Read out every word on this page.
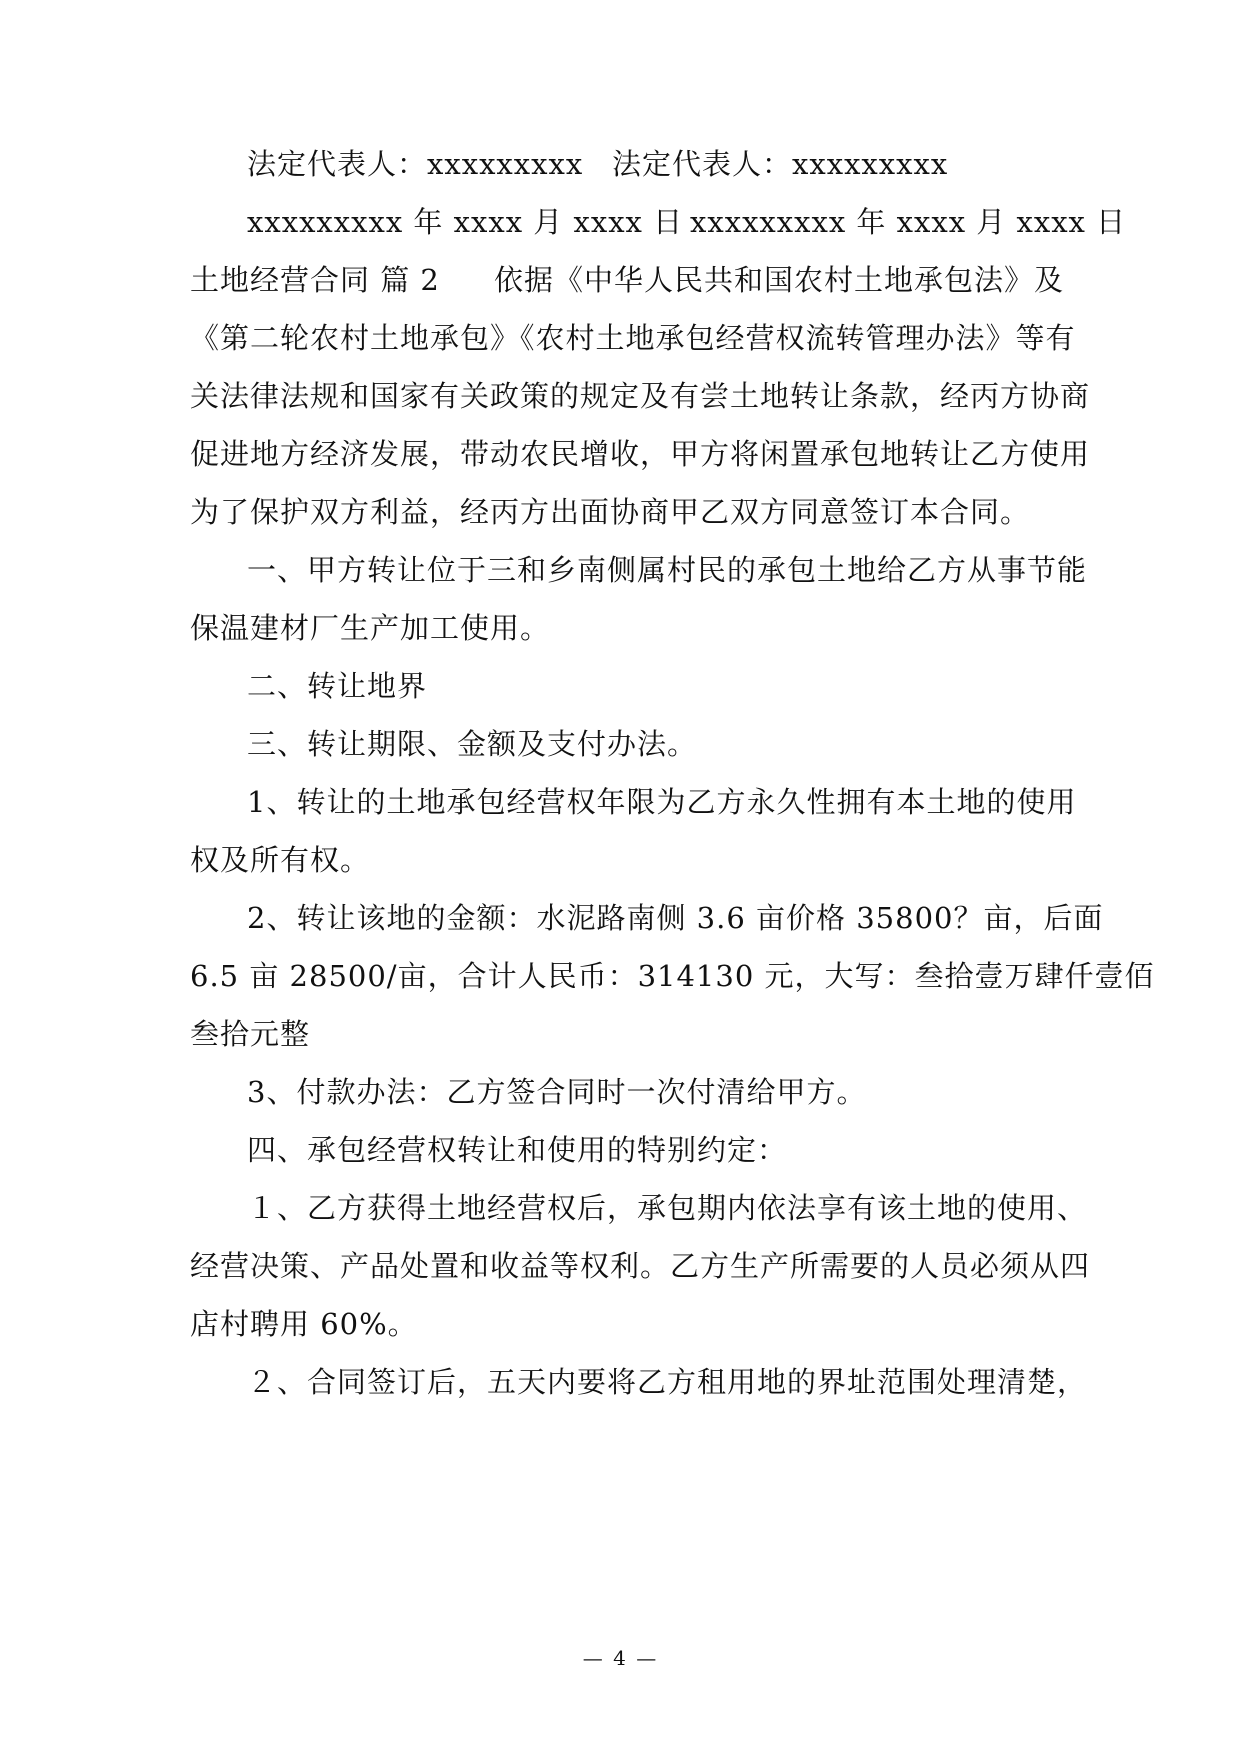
法定代表人：xxxxxxxxx 法定代表人：xxxxxxxxx
xxxxxxxxx 年 xxxx 月 xxxx 日 xxxxxxxxx 年 xxxx 月 xxxx 日
土地经营合同 篇 2	依据《中华人民共和国农村土地承包法》及
《第二轮农村土地承包》《农村土地承包经营权流转管理办法》等有
关法律法规和国家有关政策的规定及有尝土地转让条款，经丙方协商
促进地方经济发展，带动农民增收，甲方将闲置承包地转让乙方使用
为了保护双方利益，经丙方出面协商甲乙双方同意签订本合同。
一、甲方转让位于三和乡南侧属村民的承包土地给乙方从事节能
保温建材厂生产加工使用。
二、转让地界
三、转让期限、金额及支付办法。
1、转让的土地承包经营权年限为乙方永久性拥有本土地的使用
权及所有权。
2、转让该地的金额：水泥路南侧 3.6 亩价格 35800？亩，后面
6.5 亩 28500/亩，合计人民币：314130 元，大写：叁拾壹万肆仟壹佰
叁拾元整
3、付款办法：乙方签合同时一次付清给甲方。
四、承包经营权转让和使用的特别约定：
１、乙方获得土地经营权后，承包期内依法享有该土地的使用、
经营决策、产品处置和收益等权利。乙方生产所需要的人员必须从四
店村聘用 60%。
２、合同签订后，五天内要将乙方租用地的界址范围处理清楚，
— 4 —
